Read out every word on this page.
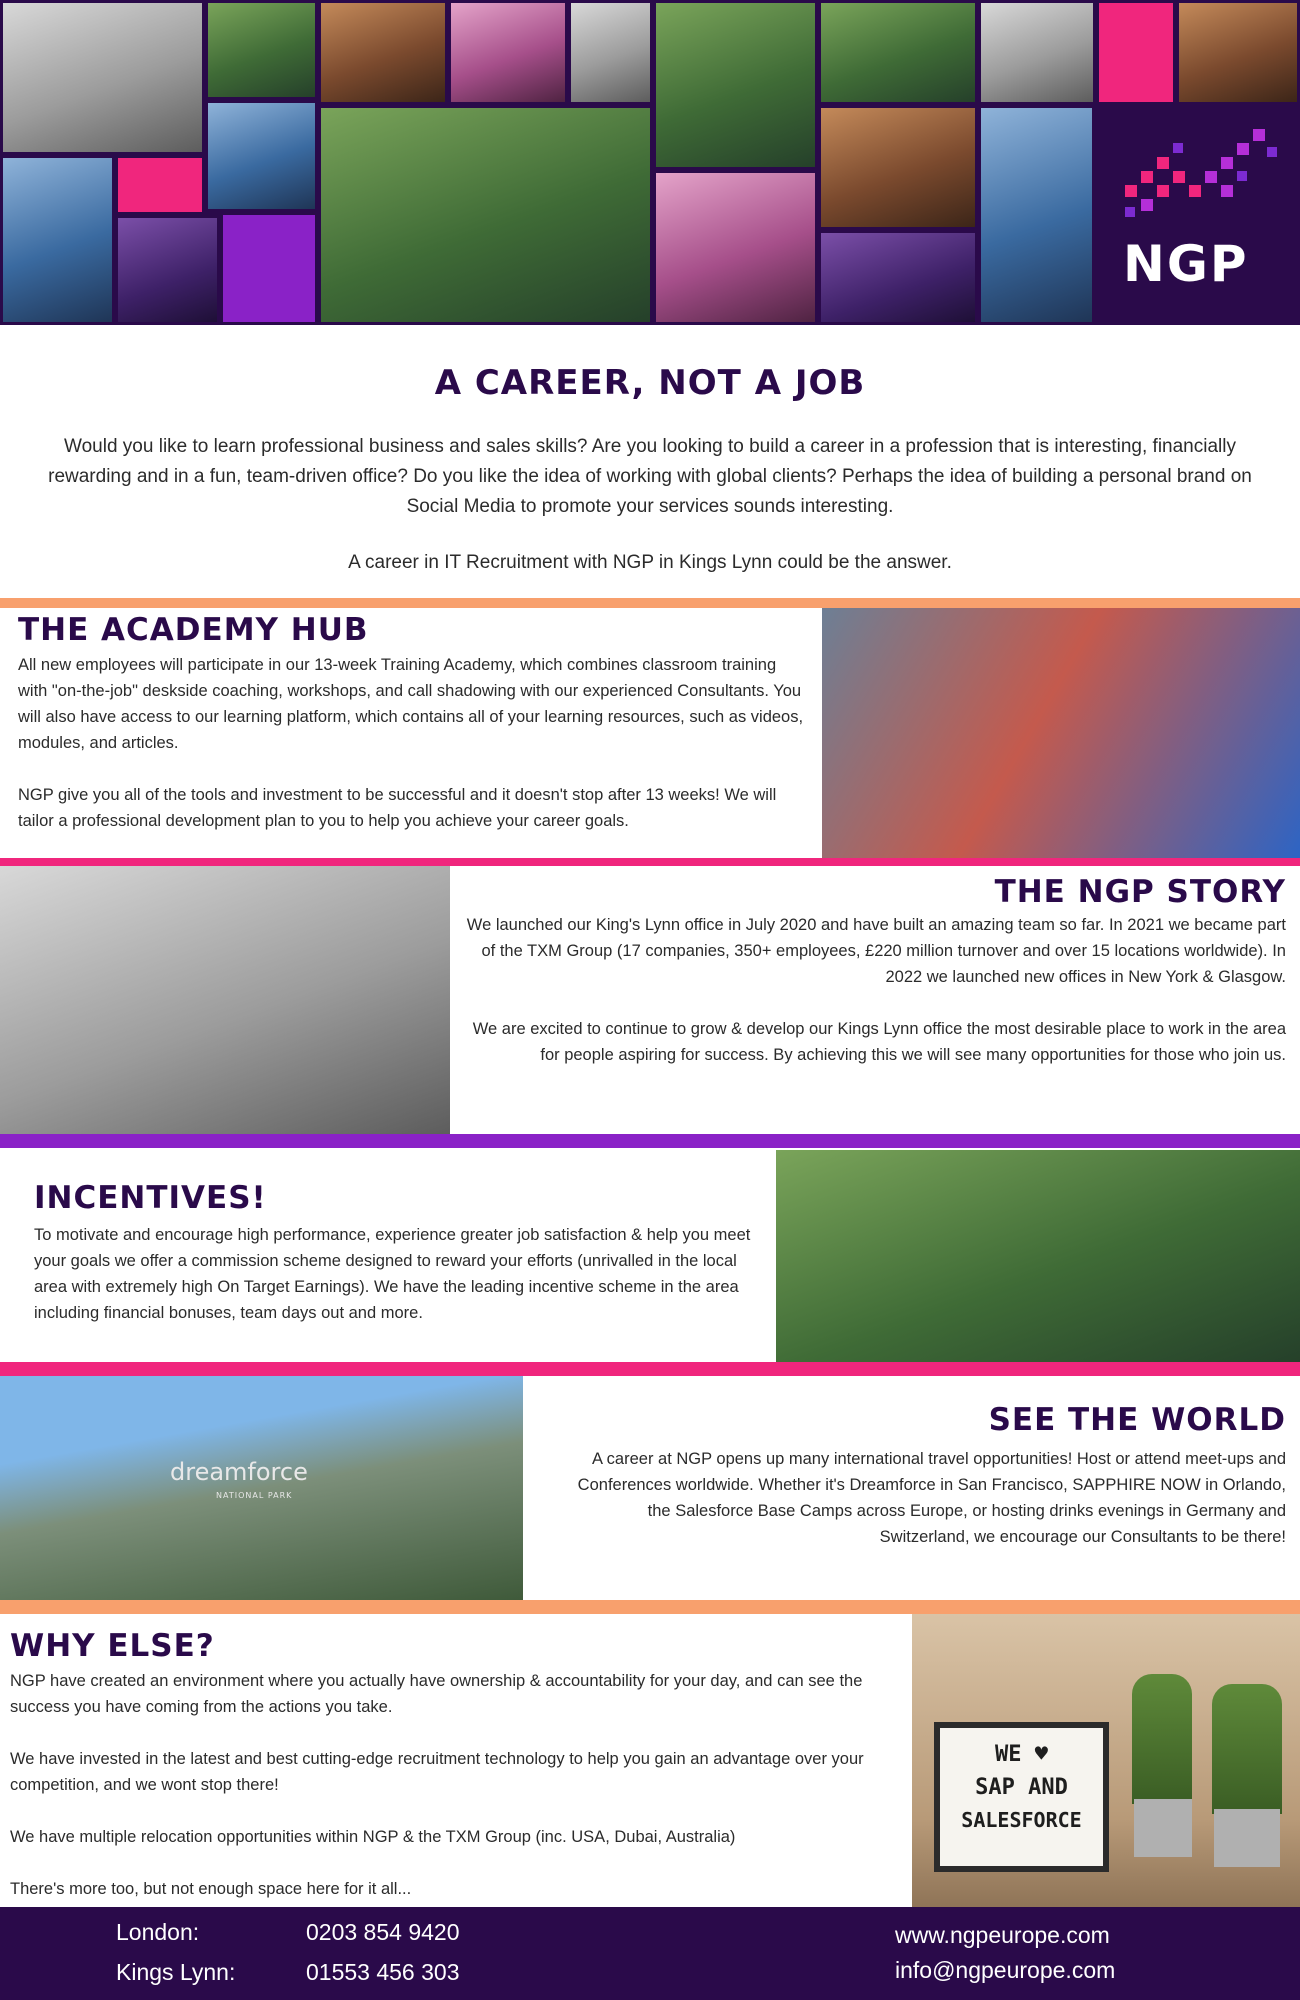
NGP
A CAREER, NOT A JOB
Would you like to learn professional business and sales skills? Are you looking to build a career in a profession that is interesting, financially rewarding and in a fun, team-driven office? Do you like the idea of working with global clients? Perhaps the idea of building a personal brand on Social Media to promote your services sounds interesting.
A career in IT Recruitment with NGP in Kings Lynn could be the answer.
THE ACADEMY HUB

All new employees will participate in our 13-week Training Academy, which combines classroom training with "on-the-job" deskside coaching, workshops, and call shadowing with our experienced Consultants. You will also have access to our learning platform, which contains all of your learning resources, such as videos, modules, and articles.

NGP give you all of the tools and investment to be successful and it doesn't stop after 13 weeks! We will tailor a professional development plan to you to help you achieve your career goals.

THE NGP STORY

We launched our King's Lynn office in July 2020 and have built an amazing team so far. In 2021 we became part of the TXM Group (17 companies, 350+ employees, £220 million turnover and over 15 locations worldwide). In 2022 we launched new offices in New York & Glasgow.

We are excited to continue to grow & develop our Kings Lynn office the most desirable place to work in the area for people aspiring for success. By achieving this we will see many opportunities for those who join us.

INCENTIVES!

To motivate and encourage high performance, experience greater job satisfaction & help you meet your goals we offer a commission scheme designed to reward your efforts (unrivalled in the local area with extremely high On Target Earnings). We have the leading incentive scheme in the area including financial bonuses, team days out and more.

dreamforce
NATIONAL PARK
SEE THE WORLD

A career at NGP opens up many international travel opportunities! Host or attend meet-ups and Conferences worldwide. Whether it's Dreamforce in San Francisco, SAPPHIRE NOW in Orlando, the Salesforce Base Camps across Europe, or hosting drinks evenings in Germany and Switzerland, we encourage our Consultants to be there!

WHY ELSE?

NGP have created an environment where you actually have ownership & accountability for your day, and can see the success you have coming from the actions you take.

We have invested in the latest and best cutting-edge recruitment technology to help you gain an advantage over your competition, and we wont stop there!

We have multiple relocation opportunities within NGP & the TXM Group (inc. USA, Dubai, Australia)

There's more too, but not enough space here for it all...

WE ♥
SAP AND
SALESFORCE
London:	0203 854 9420
Kings Lynn:	01553 456 303
www.ngpeurope.com
info@ngpeurope.com
